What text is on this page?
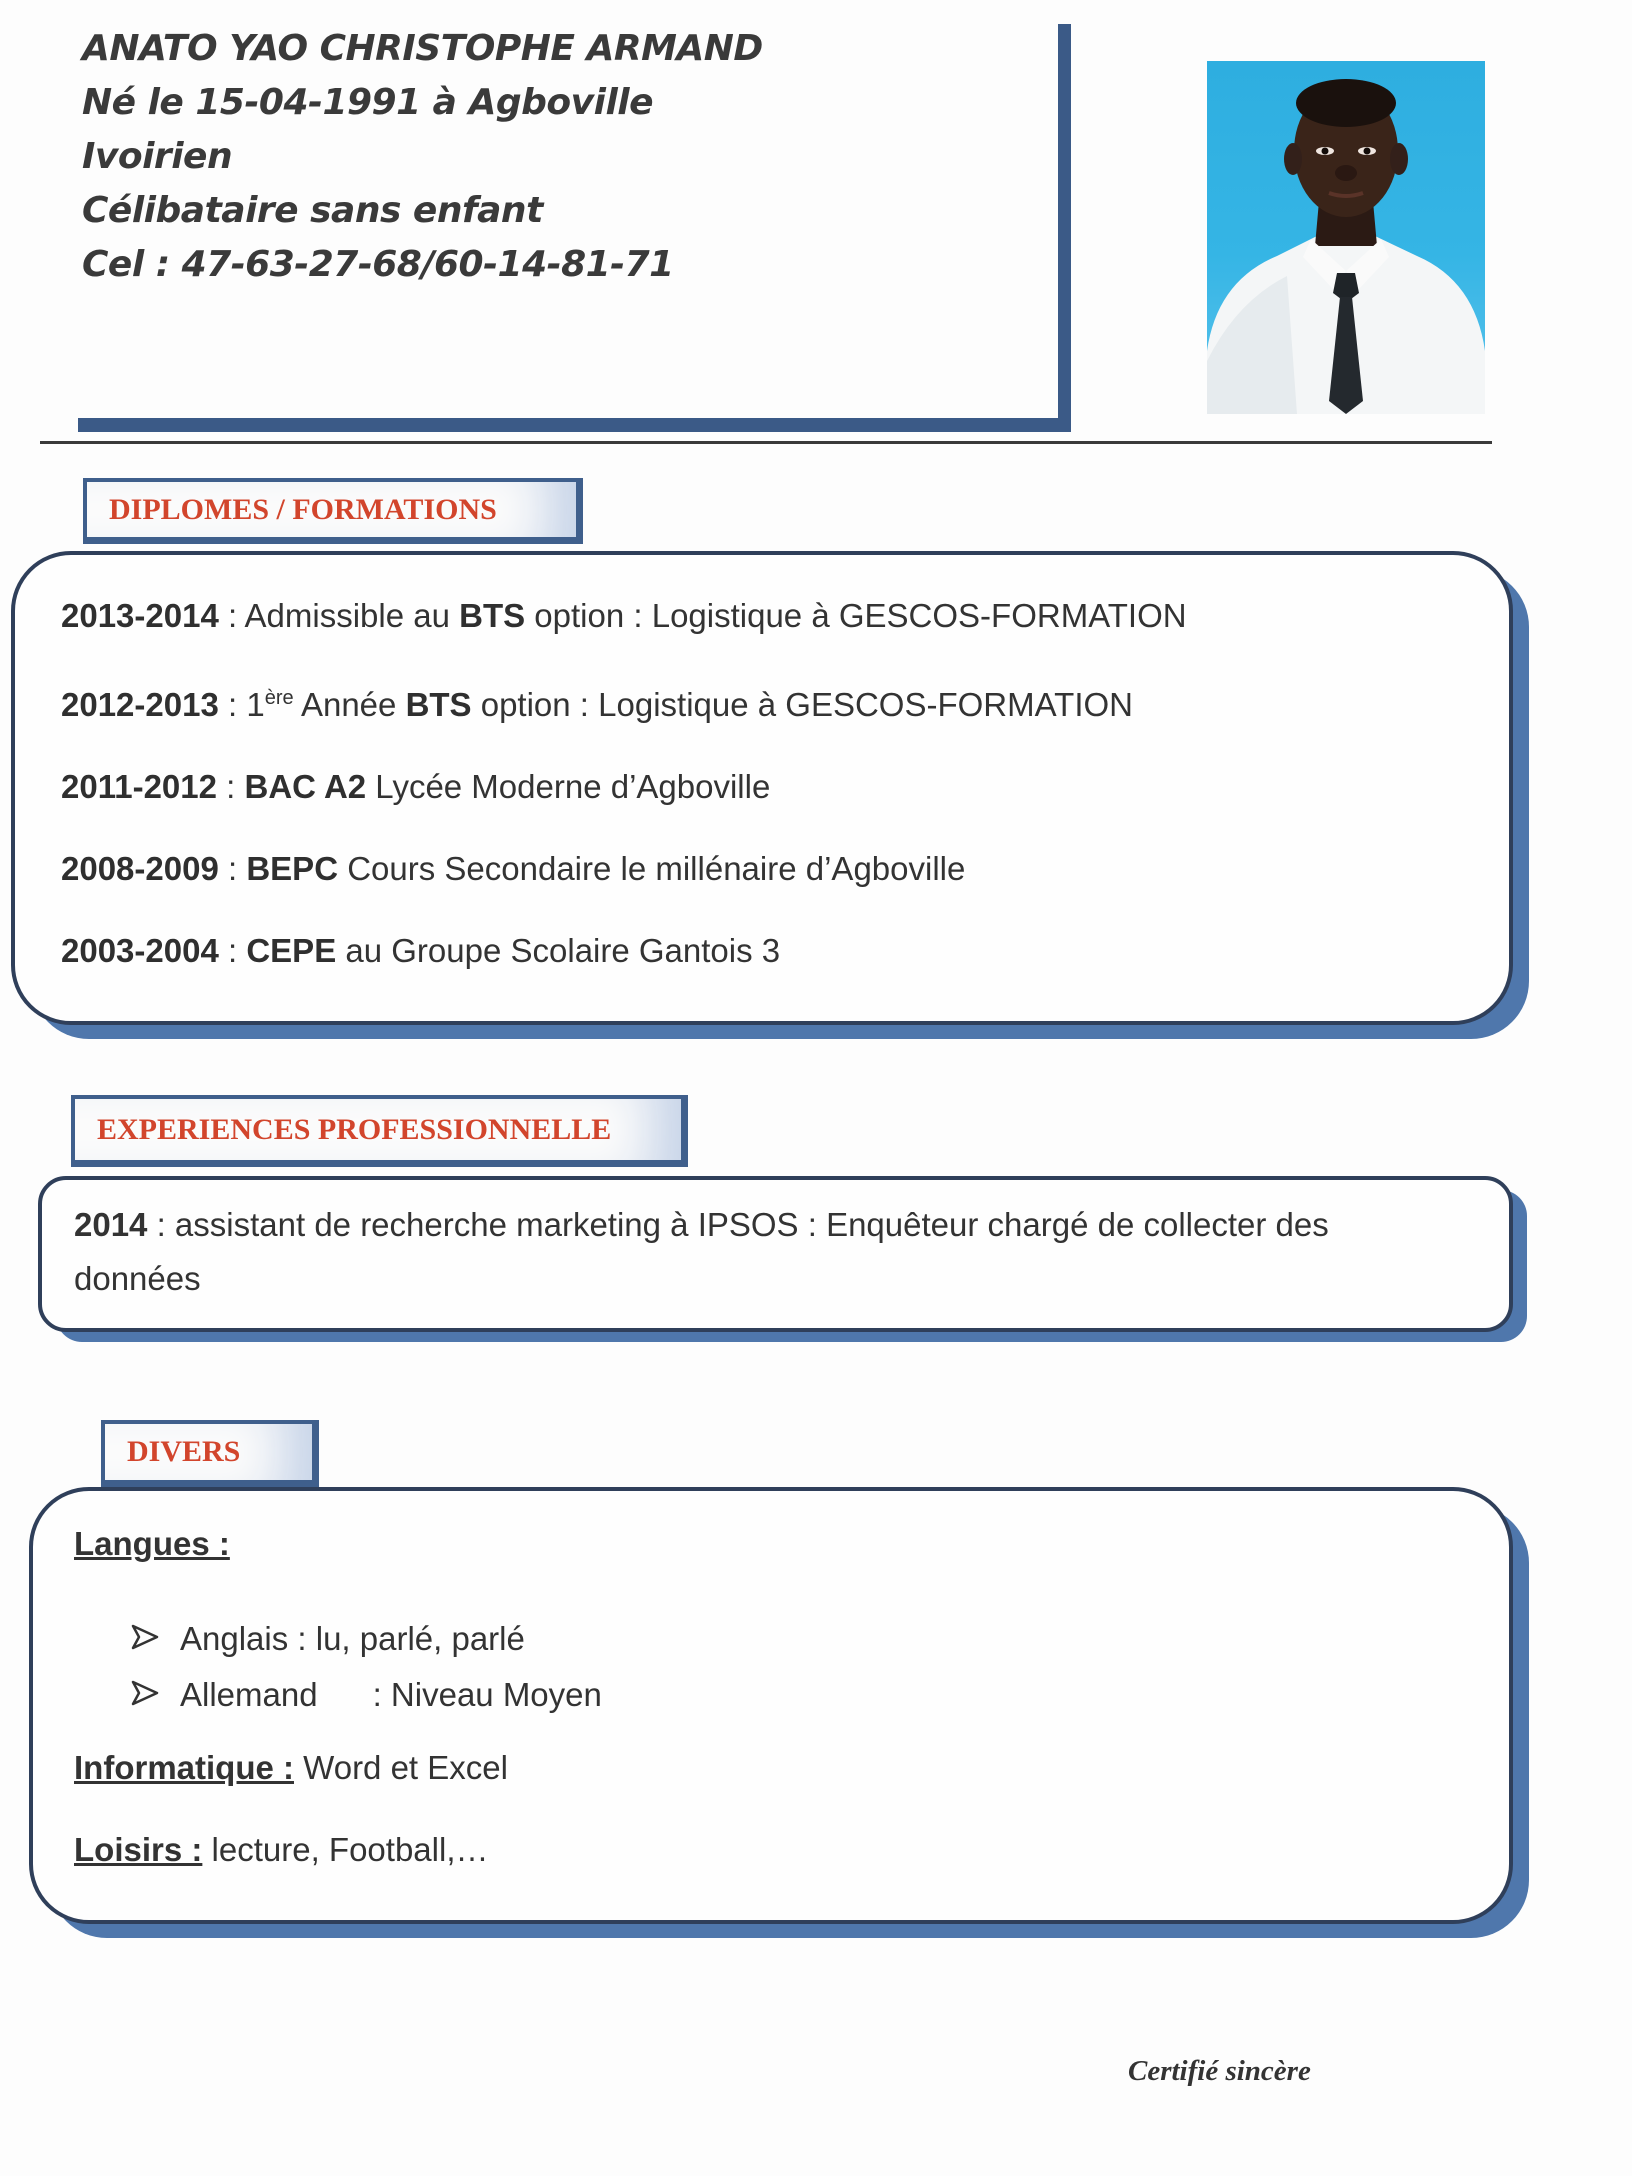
ANATO YAO CHRISTOPHE ARMAND
Né le 15-04-1991 à Agboville
Ivoirien
Célibataire sans enfant
Cel : 47-63-27-68/60-14-81-71
DIPLOMES / FORMATIONS
2013-2014 : Admissible au BTS option : Logistique à GESCOS-FORMATION
2012-2013 : 1ère Année BTS option : Logistique à GESCOS-FORMATION
2011-2012 : BAC A2 Lycée Moderne d’Agboville
2008-2009 : BEPC Cours Secondaire le millénaire d’Agboville
2003-2004 : CEPE au Groupe Scolaire Gantois 3
EXPERIENCES PROFESSIONNELLE
2014 : assistant de recherche marketing à IPSOS : Enquêteur chargé de collecter des
données
DIVERS
Langues :
Anglais : lu, parlé, parlé
Allemand : Niveau Moyen
Informatique : Word et Excel
Loisirs : lecture, Football,…
Certifié sincère
